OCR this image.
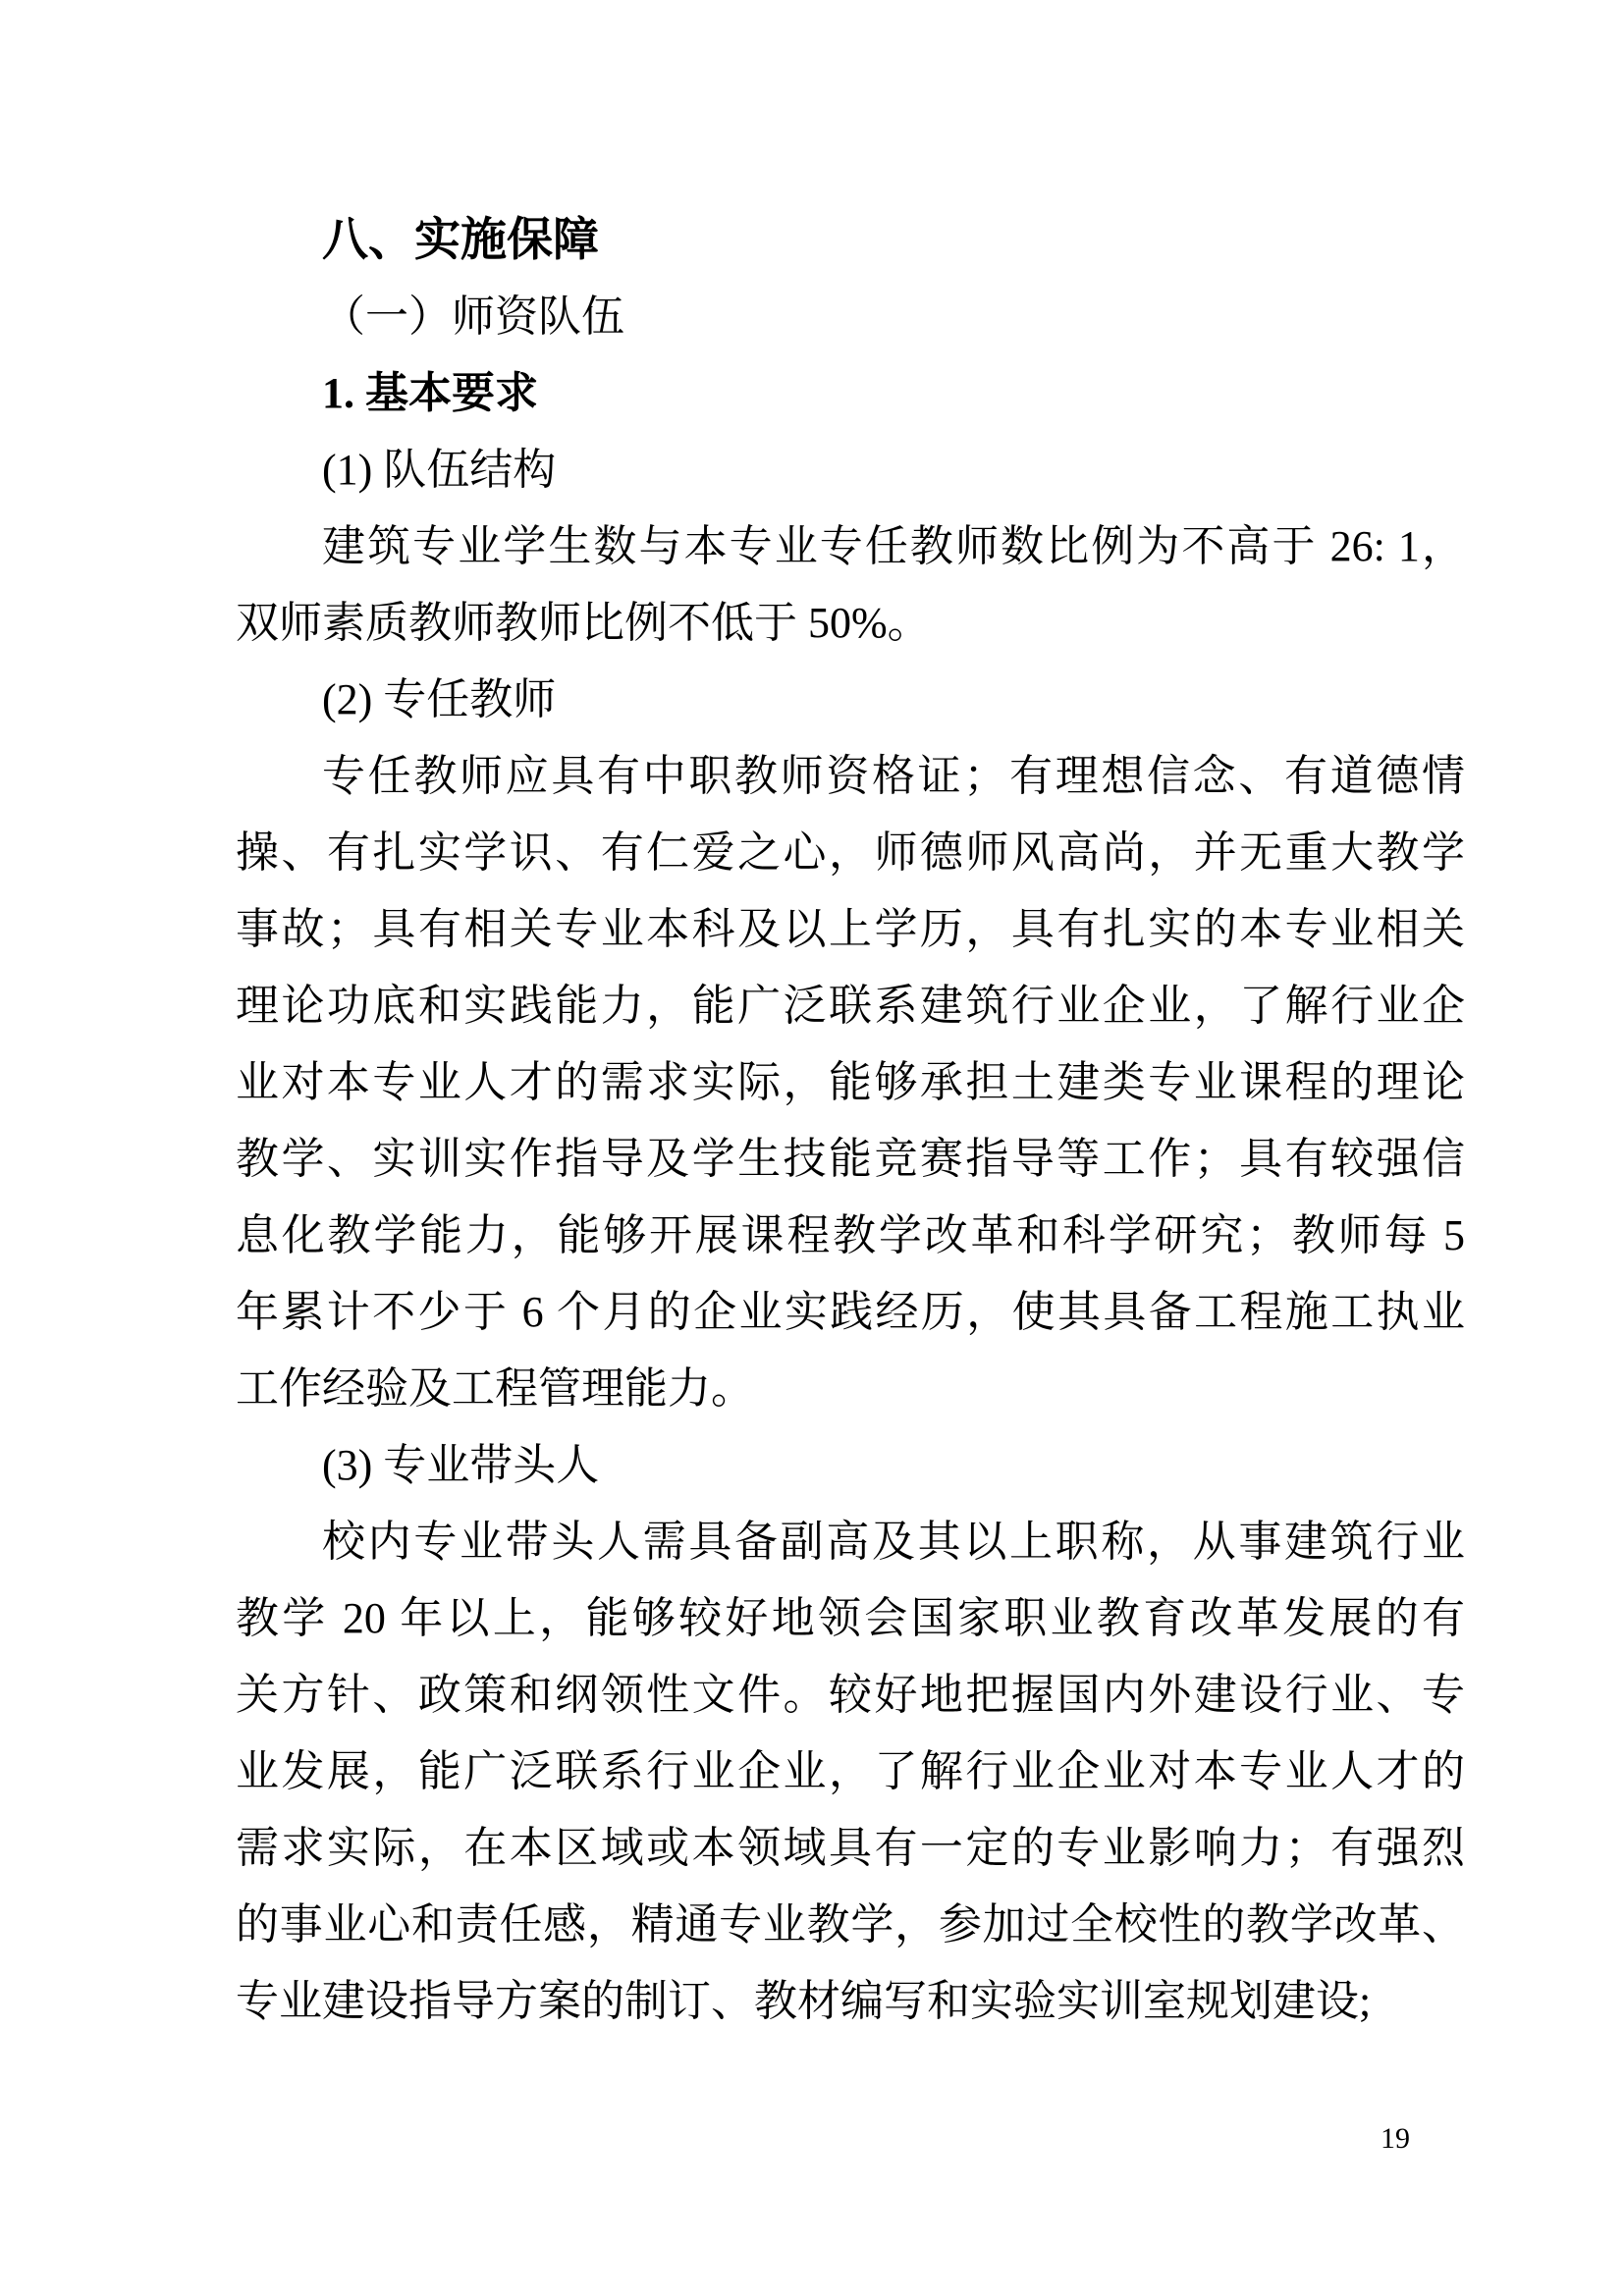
八、实施保障
（一）师资队伍
1. 基本要求
(1) 队伍结构
建筑专业学生数与本专业专任教师数比例为不高于 26: 1，
双师素质教师教师比例不低于 50%。
(2) 专任教师
专任教师应具有中职教师资格证；有理想信念、有道德情
操、有扎实学识、有仁爱之心，师德师风高尚，并无重大教学
事故；具有相关专业本科及以上学历，具有扎实的本专业相关
理论功底和实践能力，能广泛联系建筑行业企业，了解行业企
业对本专业人才的需求实际，能够承担土建类专业课程的理论
教学、实训实作指导及学生技能竞赛指导等工作；具有较强信
息化教学能力，能够开展课程教学改革和科学研究；教师每 5
年累计不少于 6 个月的企业实践经历，使其具备工程施工执业
工作经验及工程管理能力。
(3) 专业带头人
校内专业带头人需具备副高及其以上职称，从事建筑行业
教学 20 年以上，能够较好地领会国家职业教育改革发展的有
关方针、政策和纲领性文件。较好地把握国内外建设行业、专
业发展，能广泛联系行业企业，了解行业企业对本专业人才的
需求实际，在本区域或本领域具有一定的专业影响力；有强烈
的事业心和责任感，精通专业教学，参加过全校性的教学改革、
专业建设指导方案的制订、教材编写和实验实训室规划建设;
19
